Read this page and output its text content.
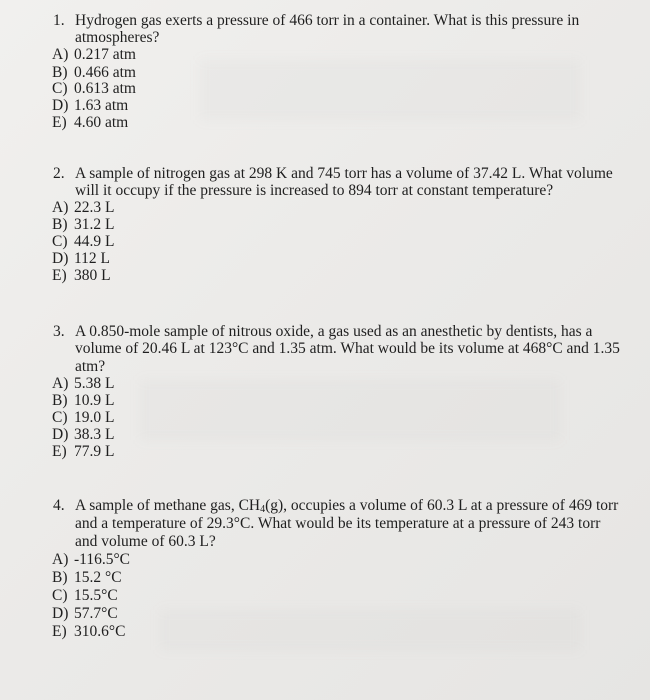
1. Hydrogen gas exerts a pressure of 466 torr in a container. What is this pressure in
atmospheres?
A) 0.217 atm
B) 0.466 atm
C) 0.613 atm
D) 1.63 atm
E) 4.60 atm
2. A sample of nitrogen gas at 298 K and 745 torr has a volume of 37.42 L. What volume
will it occupy if the pressure is increased to 894 torr at constant temperature?
A) 22.3 L
B) 31.2 L
C) 44.9 L
D) 112 L
E) 380 L
3. A 0.850-mole sample of nitrous oxide, a gas used as an anesthetic by dentists, has a
volume of 20.46 L at 123°C and 1.35 atm. What would be its volume at 468°C and 1.35
atm?
A) 5.38 L
B) 10.9 L
C) 19.0 L
D) 38.3 L
E) 77.9 L
4. A sample of methane gas, $CH_4(g)$, occupies a volume of 60.3 L at a pressure of 469 torr
and a temperature of 29.3°C. What would be its temperature at a pressure of 243 torr
and volume of 60.3 L?
A) -116.5°C
B) 15.2 °C
C) 15.5°C
D) 57.7°C
E) 310.6°C
